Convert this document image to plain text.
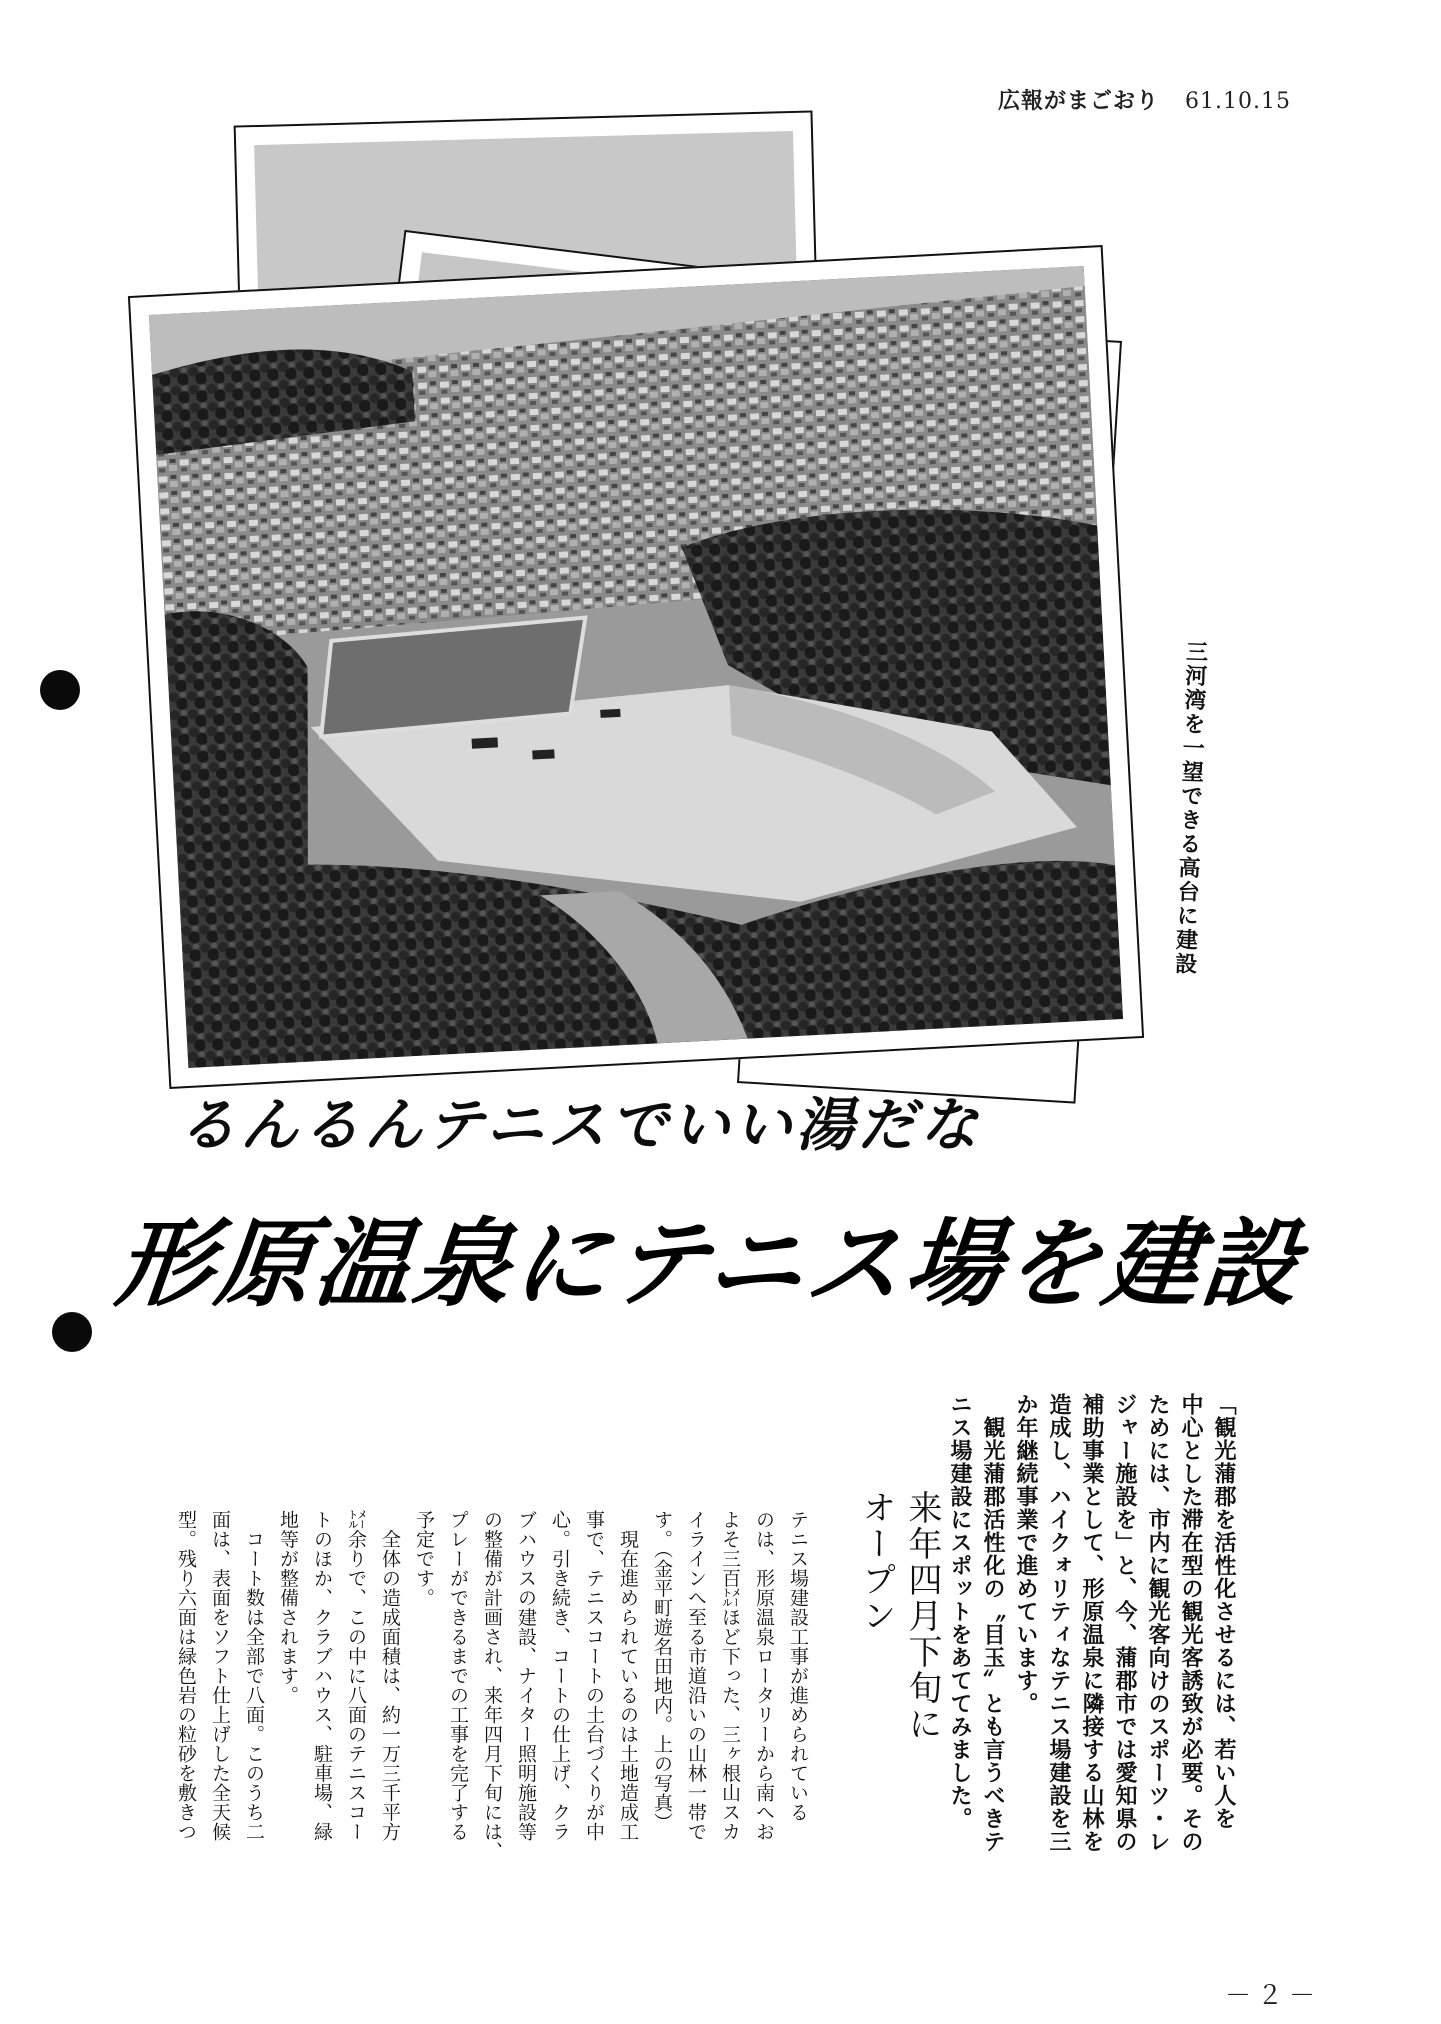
広報がまごおり 61.10.15
三河湾を一望できる高台に建設
るんるんテニスでいい湯だな
形原温泉にテニス場を建設
「観光蒲郡を活性化させるには、若い人を
中心とした滞在型の観光客誘致が必要。その
ためには、市内に観光客向けのスポーツ・レ
ジャー施設を」と、今、蒲郡市では愛知県の
補助事業として、形原温泉に隣接する山林を
造成し、ハイクォリティなテニス場建設を三
か年継続事業で進めています。
　観光蒲郡活性化の〝目玉〟とも言うべきテ
ニス場建設にスポットをあててみました。
来年四月下旬に
オープン
テニス場建設工事が進められている
のは、形原温泉ロータリーから南へお
よそ三百㍍ほど下った、三ヶ根山スカ
イラインへ至る市道沿いの山林一帯で
す。（金平町遊名田地内。上の写真）
　現在進められているのは土地造成工
事で、テニスコートの土台づくりが中
心。引き続き、コートの仕上げ、クラ
ブハウスの建設、ナイター照明施設等
の整備が計画され、来年四月下旬には、
プレーができるまでの工事を完了する
予定です。
　全体の造成面積は、約一万三千平方
㍍余りで、この中に八面のテニスコー
トのほか、クラブハウス、駐車場、緑
地等が整備されます。
　コート数は全部で八面。このうち二
面は、表面をソフト仕上げした全天候
型。残り六面は緑色岩の粒砂を敷きつ
－２－
